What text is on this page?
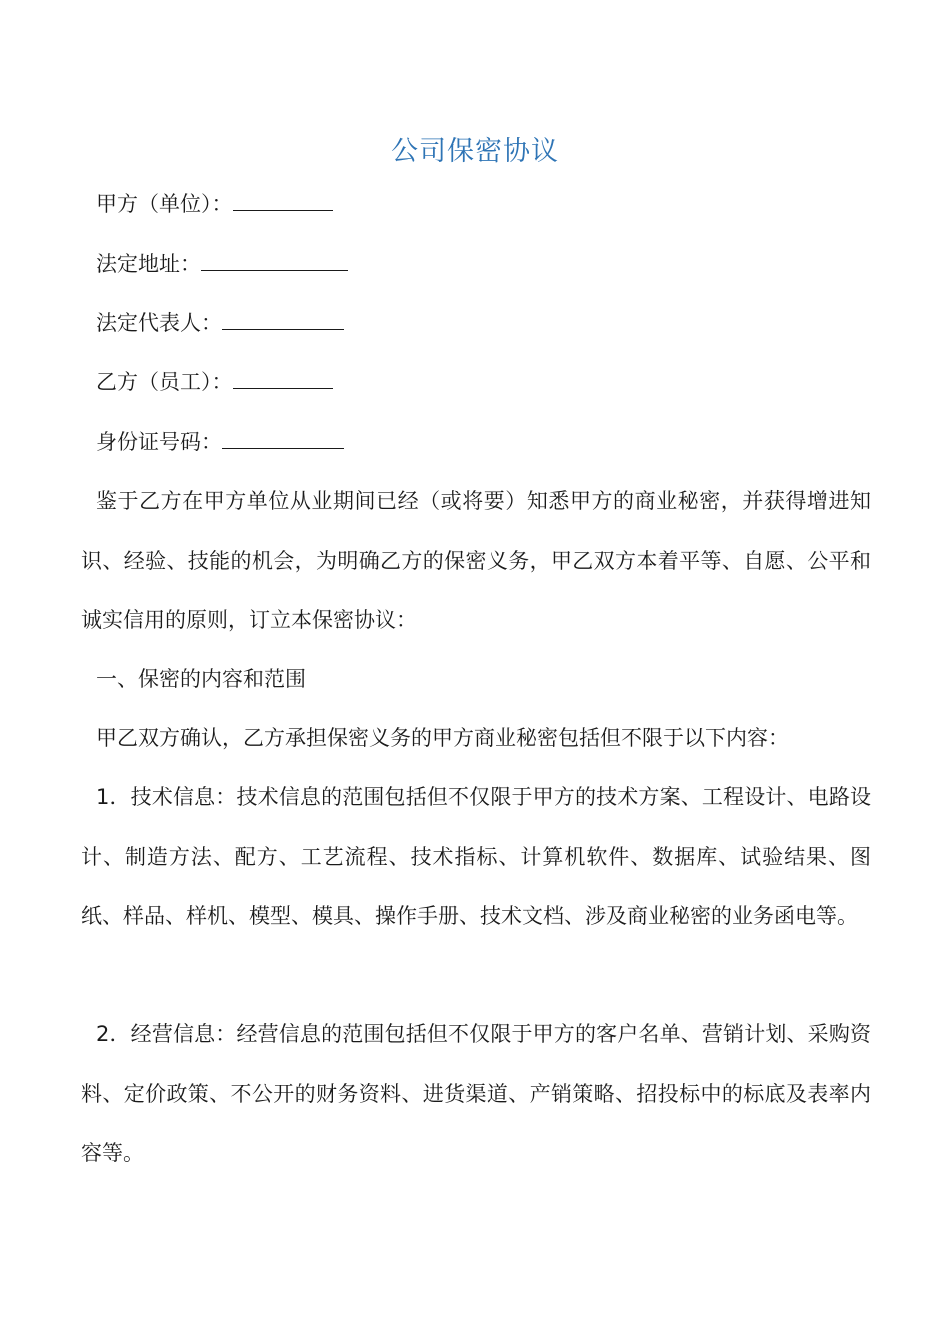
公司保密协议
甲方（单位）：
法定地址：
法定代表人：
乙方（员工）：
身份证号码：

鉴于乙方在甲方单位从业期间已经（或将要）知悉甲方的商业秘密，并获得增进知识、经验、技能的机会，为明确乙方的保密义务，甲乙双方本着平等、自愿、公平和诚实信用的原则，订立本保密协议：

一、保密的内容和范围

甲乙双方确认，乙方承担保密义务的甲方商业秘密包括但不限于以下内容：

1．技术信息：技术信息的范围包括但不仅限于甲方的技术方案、工程设计、电路设计、制造方法、配方、工艺流程、技术指标、计算机软件、数据库、试验结果、图纸、样品、样机、模型、模具、操作手册、技术文档、涉及商业秘密的业务函电等。

2．经营信息：经营信息的范围包括但不仅限于甲方的客户名单、营销计划、采购资料、定价政策、不公开的财务资料、进货渠道、产销策略、招投标中的标底及表率内容等。
